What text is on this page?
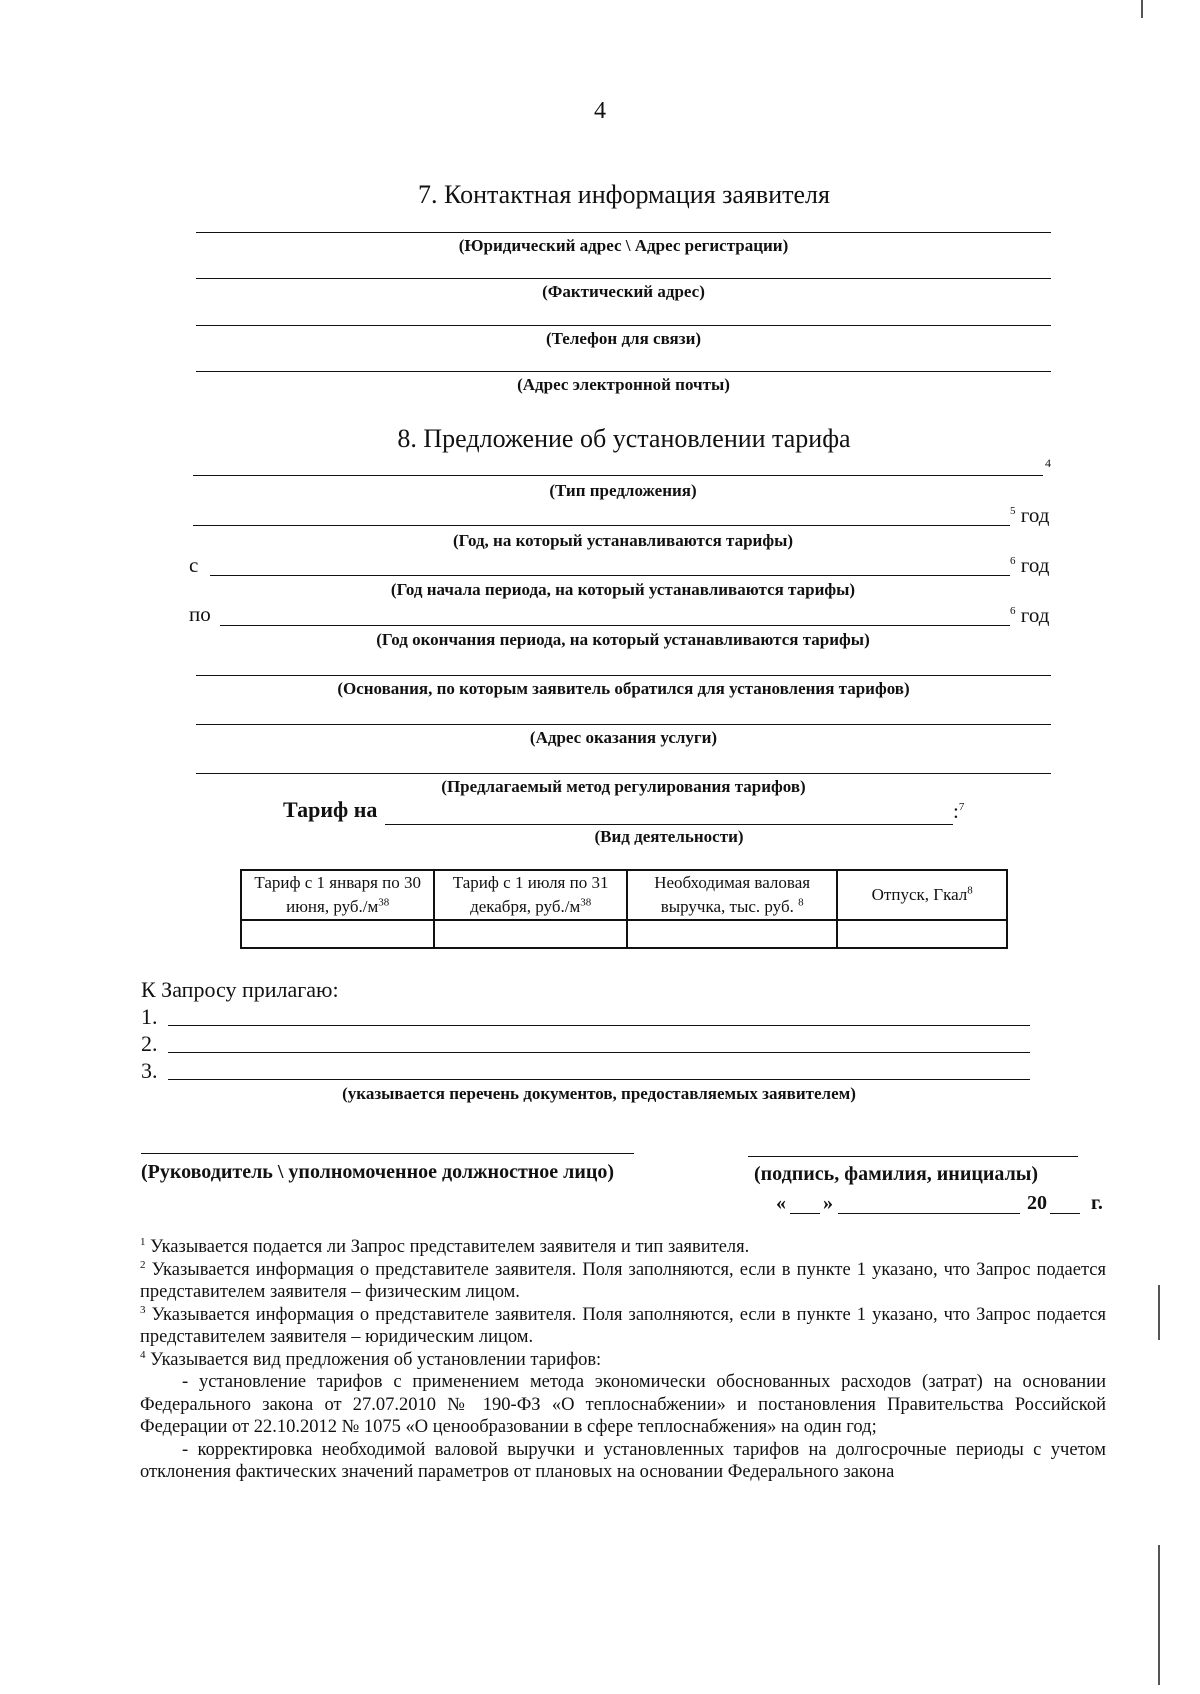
4
7. Контактная информация заявителя
(Юридический адрес \ Адрес регистрации)
(Фактический адрес)
(Телефон для связи)
(Адрес электронной почты)
8. Предложение об установлении тарифа
4
(Тип предложения)
$^5$ год
(Год, на который устанавливаются тарифы)
с	$^6$ год
(Год начала периода, на который устанавливаются тарифы)
по	$^6$ год
(Год окончания периода, на который устанавливаются тарифы)
(Основания, по которым заявитель обратился для установления тарифов)
(Адрес оказания услуги)
(Предлагаемый метод регулирования тарифов)
Тариф на	:$^7$
(Вид деятельности)
Тариф с 1 января по 30 июня, $руб./м^{38}$	Тариф с 1 июля по 31 декабря, $руб./м^{38}$	Необходимая валовая выручка, тыс. руб. $^8$	Отпуск, Гкал$^8$

К Запросу прилагаю:
1.
2.
3.
(указывается перечень документов, предоставляемых заявителем)
(Руководитель \ уполномоченное должностное лицо)	(подпись, фамилия, инициалы)
« »	20 г.

$^1$ Указывается подается ли Запрос представителем заявителя и тип заявителя.

$^2$ Указывается информация о представителе заявителя. Поля заполняются, если в пункте 1 указано, что Запрос подается представителем заявителя – физическим лицом.

$^3$ Указывается информация о представителе заявителя. Поля заполняются, если в пункте 1 указано, что Запрос подается представителем заявителя – юридическим лицом.

$^4$ Указывается вид предложения об установлении тарифов:

- установление тарифов с применением метода экономически обоснованных расходов (затрат) на основании Федерального закона от 27.07.2010 № 190-ФЗ «О теплоснабжении» и постановления Правительства Российской Федерации от 22.10.2012 № 1075 «О ценообразовании в сфере теплоснабжения» на один год;

- корректировка необходимой валовой выручки и установленных тарифов на долгосрочные периоды с учетом отклонения фактических значений параметров от плановых на основании Федерального закона
